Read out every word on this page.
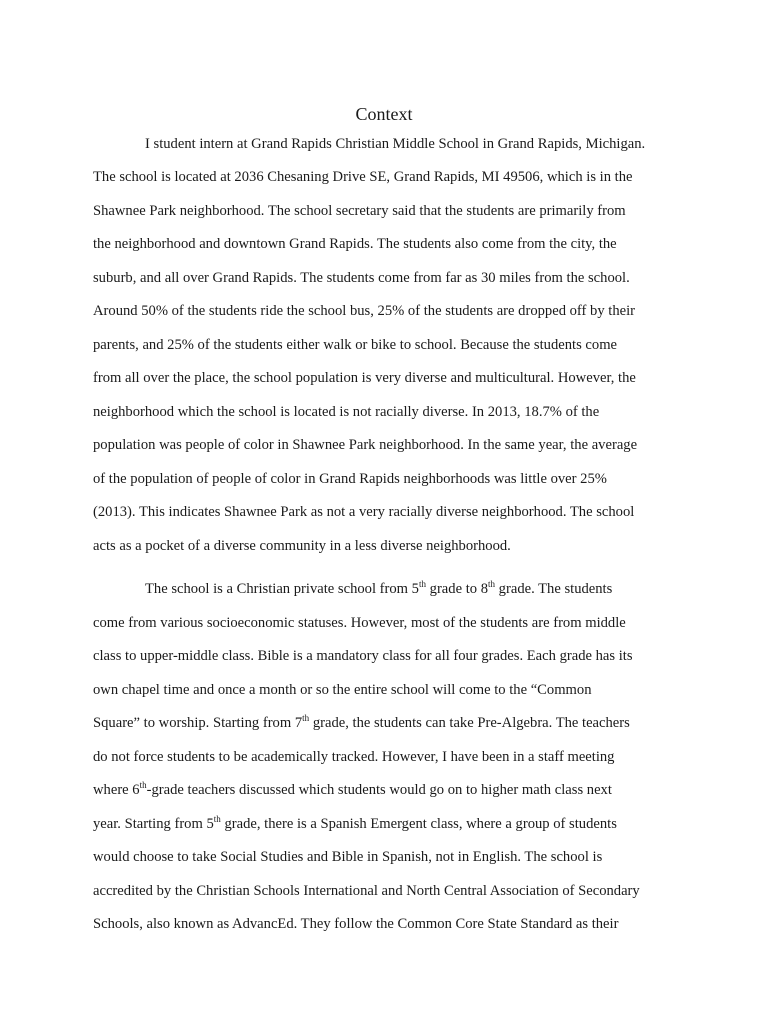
Context
I student intern at Grand Rapids Christian Middle School in Grand Rapids, Michigan.
The school is located at 2036 Chesaning Drive SE, Grand Rapids, MI 49506, which is in the
Shawnee Park neighborhood. The school secretary said that the students are primarily from
the neighborhood and downtown Grand Rapids. The students also come from the city, the
suburb, and all over Grand Rapids. The students come from far as 30 miles from the school.
Around 50% of the students ride the school bus, 25% of the students are dropped off by their
parents, and 25% of the students either walk or bike to school. Because the students come
from all over the place, the school population is very diverse and multicultural. However, the
neighborhood which the school is located is not racially diverse. In 2013, 18.7% of the
population was people of color in Shawnee Park neighborhood. In the same year, the average
of the population of people of color in Grand Rapids neighborhoods was little over 25%
(2013). This indicates Shawnee Park as not a very racially diverse neighborhood. The school
acts as a pocket of a diverse community in a less diverse neighborhood.
The school is a Christian private school from 5th grade to 8th grade. The students
come from various socioeconomic statuses. However, most of the students are from middle
class to upper-middle class. Bible is a mandatory class for all four grades. Each grade has its
own chapel time and once a month or so the entire school will come to the “Common
Square” to worship. Starting from 7th grade, the students can take Pre-Algebra. The teachers
do not force students to be academically tracked. However, I have been in a staff meeting
where 6th-grade teachers discussed which students would go on to higher math class next
year. Starting from 5th grade, there is a Spanish Emergent class, where a group of students
would choose to take Social Studies and Bible in Spanish, not in English. The school is
accredited by the Christian Schools International and North Central Association of Secondary
Schools, also known as AdvancEd. They follow the Common Core State Standard as their
